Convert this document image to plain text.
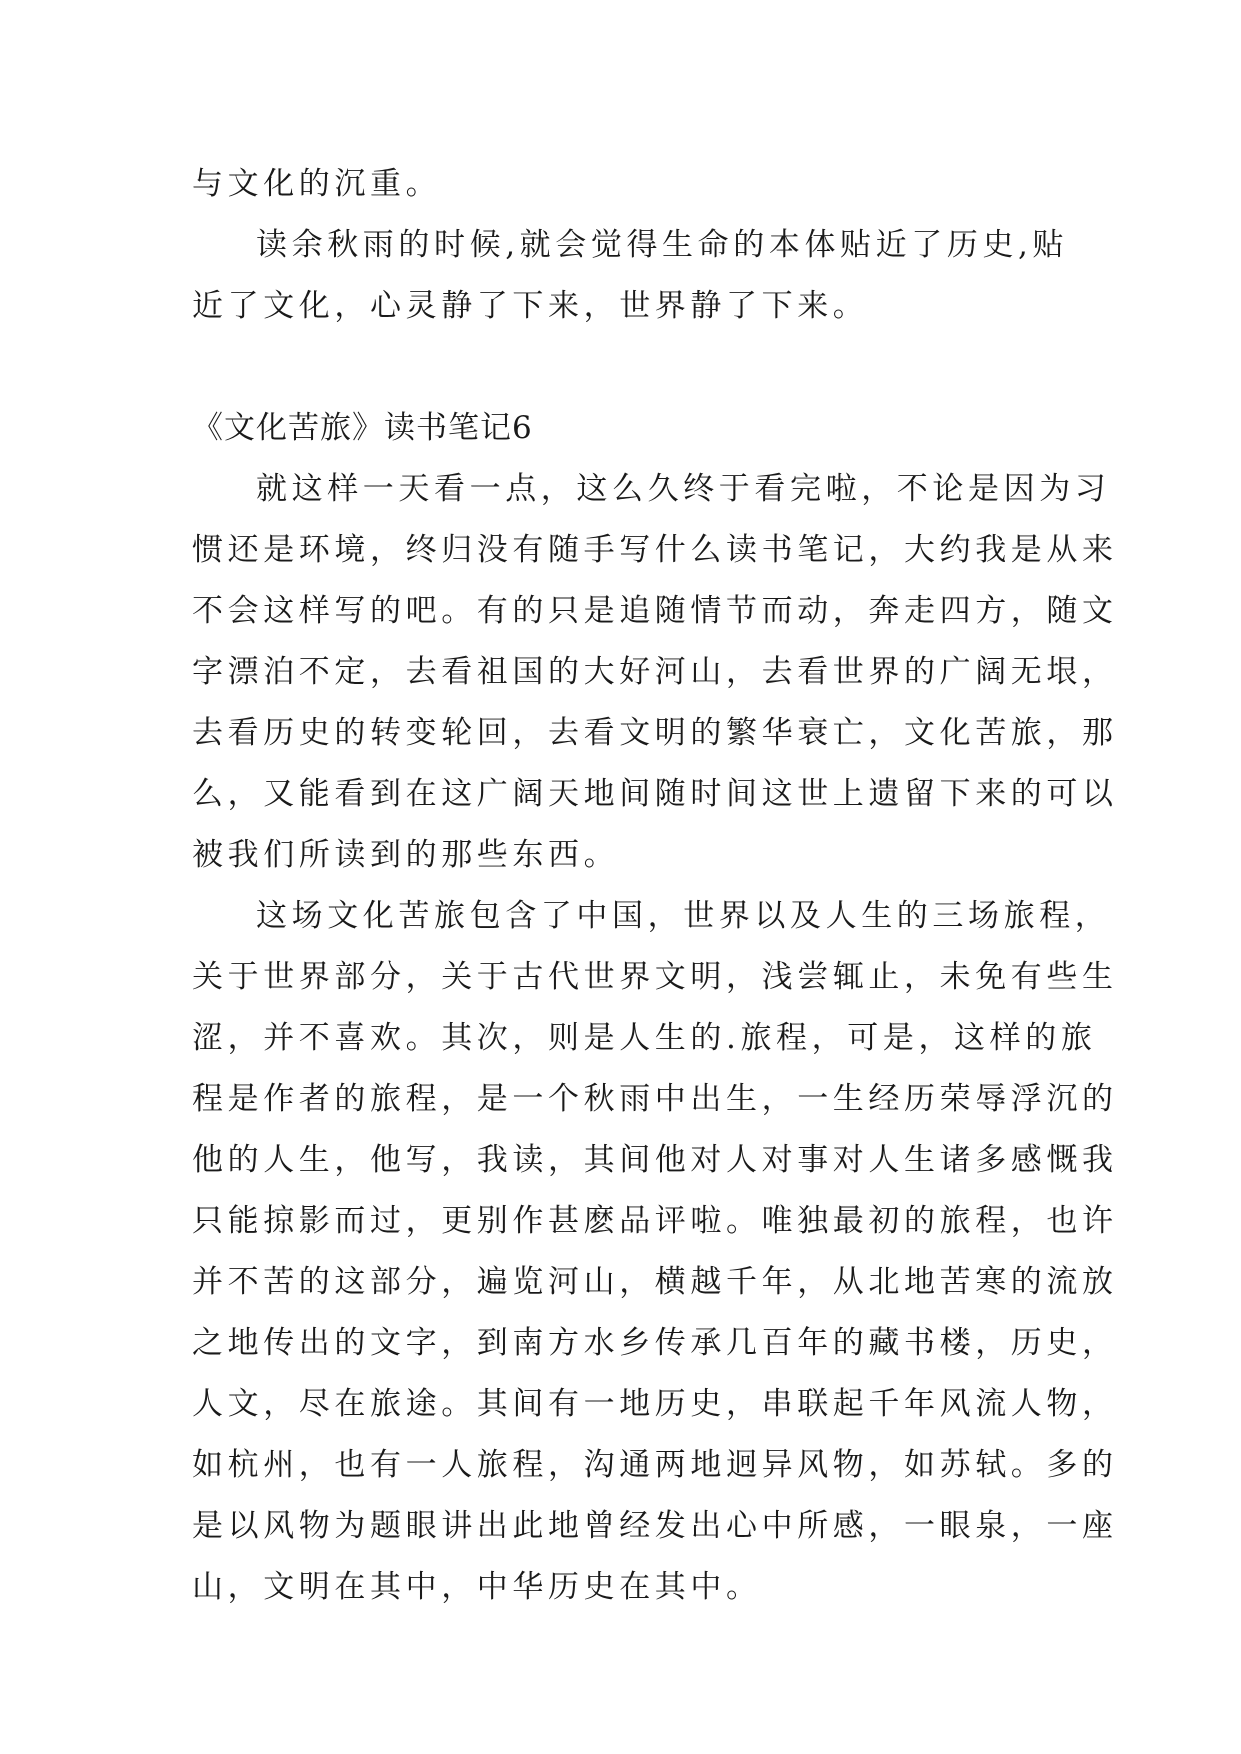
与文化的沉重。
读余秋雨的时候,就会觉得生命的本体贴近了历史,贴
近了文化，心灵静了下来，世界静了下来。
《文化苦旅》读书笔记6
就这样一天看一点，这么久终于看完啦，不论是因为习
惯还是环境，终归没有随手写什么读书笔记，大约我是从来
不会这样写的吧。有的只是追随情节而动，奔走四方，随文
字漂泊不定，去看祖国的大好河山，去看世界的广阔无垠，
去看历史的转变轮回，去看文明的繁华衰亡，文化苦旅，那
么，又能看到在这广阔天地间随时间这世上遗留下来的可以
被我们所读到的那些东西。
这场文化苦旅包含了中国，世界以及人生的三场旅程，
关于世界部分，关于古代世界文明，浅尝辄止，未免有些生
涩，并不喜欢。其次，则是人生的.旅程，可是，这样的旅
程是作者的旅程，是一个秋雨中出生，一生经历荣辱浮沉的
他的人生，他写，我读，其间他对人对事对人生诸多感慨我
只能掠影而过，更别作甚麽品评啦。唯独最初的旅程，也许
并不苦的这部分，遍览河山，横越千年，从北地苦寒的流放
之地传出的文字，到南方水乡传承几百年的藏书楼，历史，
人文，尽在旅途。其间有一地历史，串联起千年风流人物，
如杭州，也有一人旅程，沟通两地迥异风物，如苏轼。多的
是以风物为题眼讲出此地曾经发出心中所感，一眼泉，一座
山，文明在其中，中华历史在其中。
